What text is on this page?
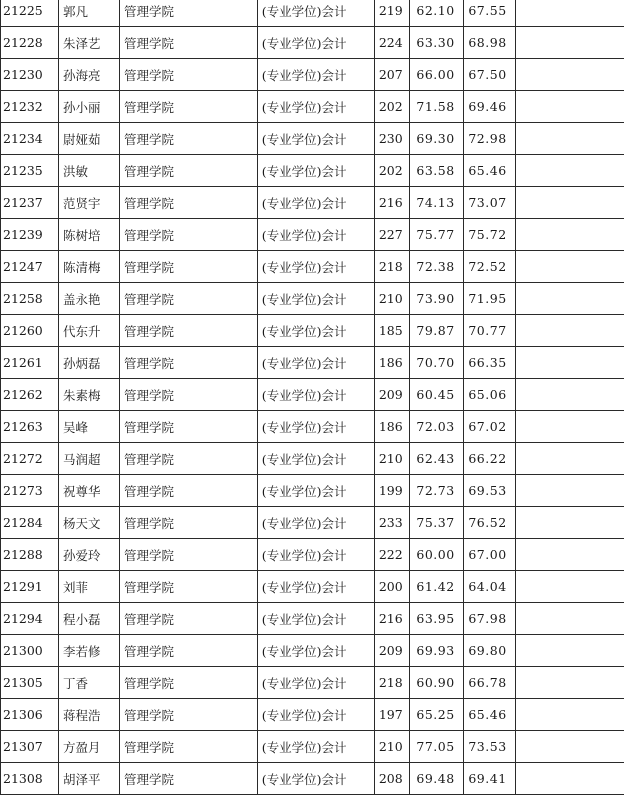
21225	郭凡	管理学院	(专业学位)会计	219	62.10	67.55	
21228	朱泽艺	管理学院	(专业学位)会计	224	63.30	68.98	
21230	孙海亮	管理学院	(专业学位)会计	207	66.00	67.50	
21232	孙小丽	管理学院	(专业学位)会计	202	71.58	69.46	
21234	尉娅茹	管理学院	(专业学位)会计	230	69.30	72.98	
21235	洪敏	管理学院	(专业学位)会计	202	63.58	65.46	
21237	范贤宇	管理学院	(专业学位)会计	216	74.13	73.07	
21239	陈树培	管理学院	(专业学位)会计	227	75.77	75.72	
21247	陈清梅	管理学院	(专业学位)会计	218	72.38	72.52	
21258	盖永艳	管理学院	(专业学位)会计	210	73.90	71.95	
21260	代东升	管理学院	(专业学位)会计	185	79.87	70.77	
21261	孙炳磊	管理学院	(专业学位)会计	186	70.70	66.35	
21262	朱素梅	管理学院	(专业学位)会计	209	60.45	65.06	
21263	吴峰	管理学院	(专业学位)会计	186	72.03	67.02	
21272	马润超	管理学院	(专业学位)会计	210	62.43	66.22	
21273	祝尊华	管理学院	(专业学位)会计	199	72.73	69.53	
21284	杨天文	管理学院	(专业学位)会计	233	75.37	76.52	
21288	孙爱玲	管理学院	(专业学位)会计	222	60.00	67.00	
21291	刘菲	管理学院	(专业学位)会计	200	61.42	64.04	
21294	程小磊	管理学院	(专业学位)会计	216	63.95	67.98	
21300	李若修	管理学院	(专业学位)会计	209	69.93	69.80	
21305	丁香	管理学院	(专业学位)会计	218	60.90	66.78	
21306	蒋程浩	管理学院	(专业学位)会计	197	65.25	65.46	
21307	方盈月	管理学院	(专业学位)会计	210	77.05	73.53	
21308	胡泽平	管理学院	(专业学位)会计	208	69.48	69.41	
